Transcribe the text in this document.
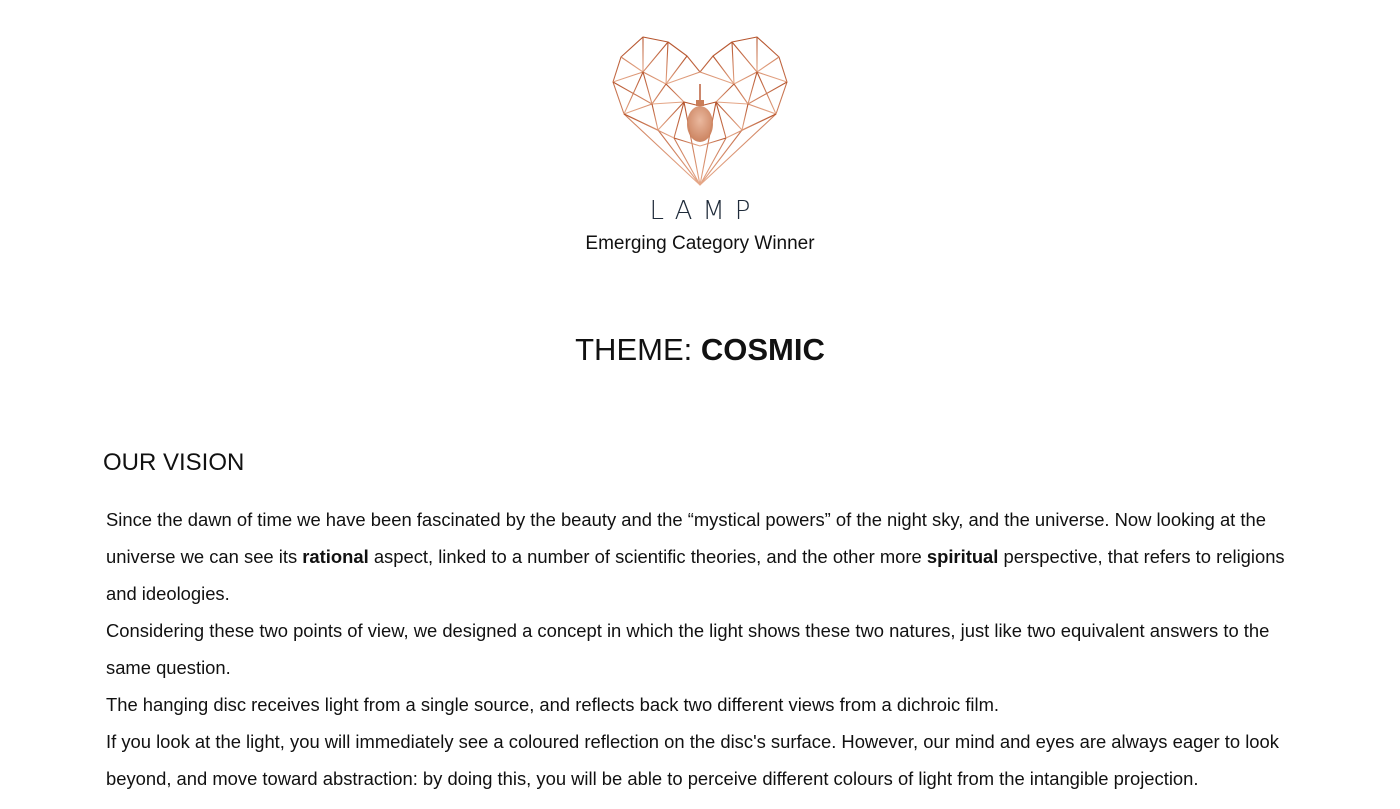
LAMP
Emerging Category Winner
THEME: COSMIC
OUR VISION

Since the dawn of time we have been fascinated by the beauty and the “mystical powers” of the night sky, and the universe. Now looking at the universe we can see its rational aspect, linked to a number of scientific theories, and the other more spiritual perspective, that refers to religions and ideologies.

Considering these two points of view, we designed a concept in which the light shows these two natures, just like two equivalent answers to the same question.

The hanging disc receives light from a single source, and reflects back two different views from a dichroic film.

If you look at the light, you will immediately see a coloured reflection on the disc's surface. However, our mind and eyes are always eager to look beyond, and move toward abstraction: by doing this, you will be able to perceive different colours of light from the intangible projection.
